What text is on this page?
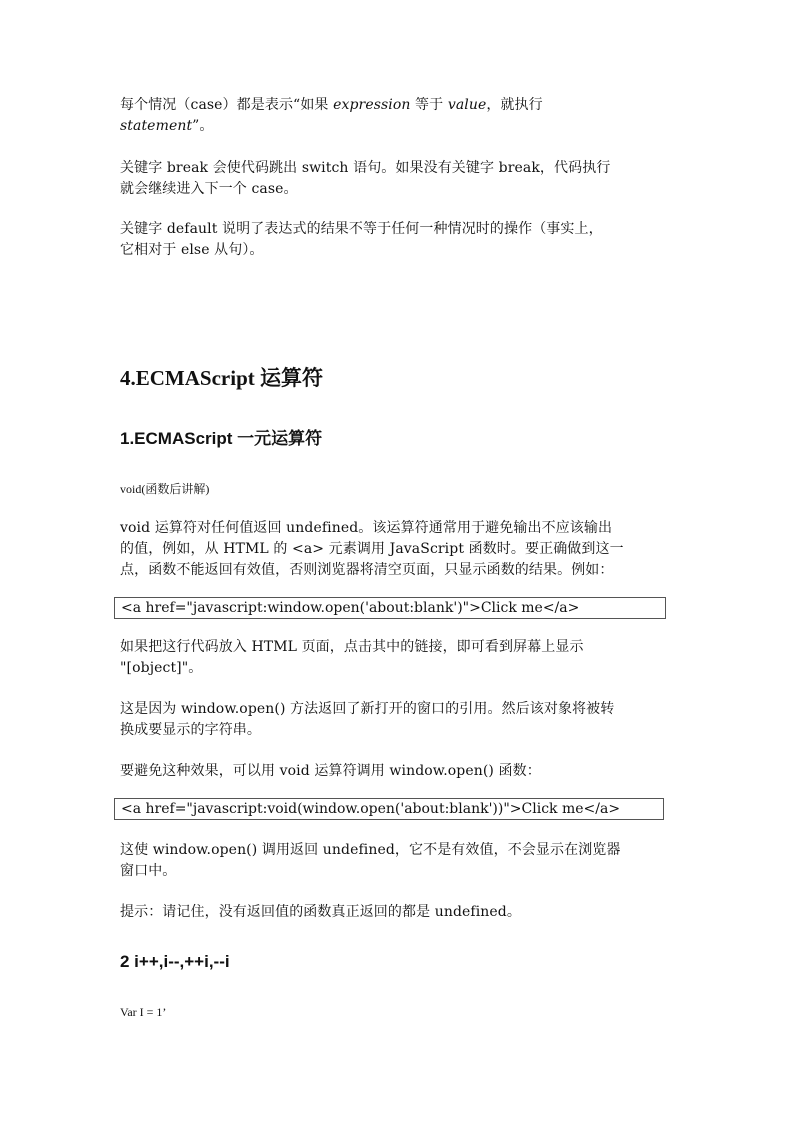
每个情况（case）都是表示“如果 expression 等于 value，就执行
statement”。
关键字 break 会使代码跳出 switch 语句。如果没有关键字 break，代码执行
就会继续进入下一个 case。
关键字 default 说明了表达式的结果不等于任何一种情况时的操作（事实上，
它相对于 else 从句）。
4.ECMAScript 运算符
1.ECMAScript 一元运算符

void(函数后讲解)

void 运算符对任何值返回 undefined。该运算符通常用于避免输出不应该输出
的值，例如，从 HTML 的 <a> 元素调用 JavaScript 函数时。要正确做到这一
点，函数不能返回有效值，否则浏览器将清空页面，只显示函数的结果。例如：
<a href="javascript:window.open('about:blank')">Click me</a>
如果把这行代码放入 HTML 页面，点击其中的链接，即可看到屏幕上显示
"[object]"。
这是因为 window.open() 方法返回了新打开的窗口的引用。然后该对象将被转
换成要显示的字符串。
要避免这种效果，可以用 void 运算符调用 window.open() 函数：
<a href="javascript:void(window.open('about:blank'))">Click me</a>
这使 window.open() 调用返回 undefined，它不是有效值，不会显示在浏览器
窗口中。
提示：请记住，没有返回值的函数真正返回的都是 undefined。
2 i++,i--,++i,--i

Var I = 1’
